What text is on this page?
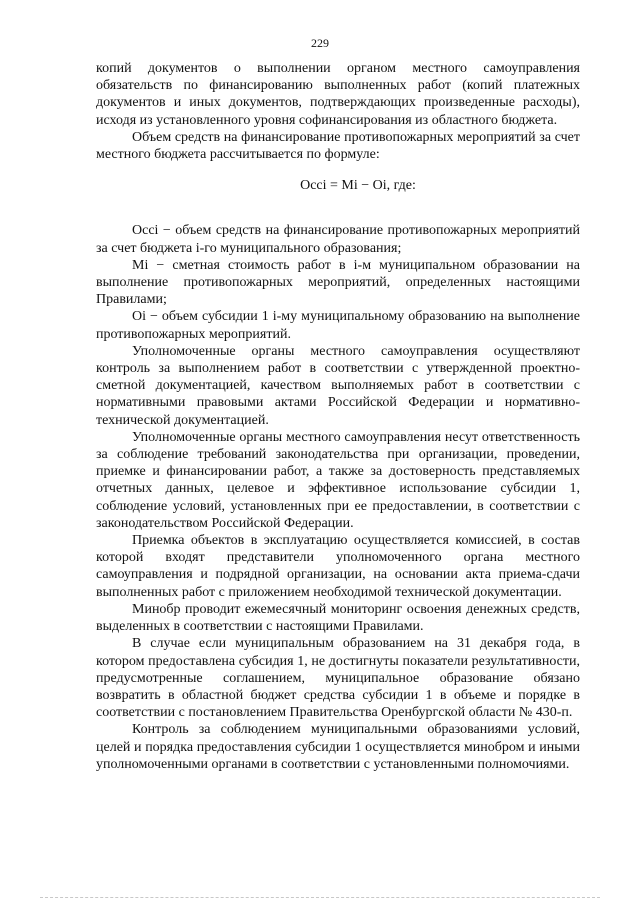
229

копий документов о выполнении органом местного самоуправления обязательств по финансированию выполненных работ (копий платежных документов и иных документов, подтверждающих произведенные расходы), исходя из установленного уровня софинансирования из областного бюджета.

Объем средств на финансирование противопожарных мероприятий за счет местного бюджета рассчитывается по формуле:

Occi = Mi − Oi, где:

Occi − объем средств на финансирование противопожарных мероприятий за счет бюджета i-го муниципального образования;

Mi − сметная стоимость работ в i-м муниципальном образовании на выполнение противопожарных мероприятий, определенных настоящими Правилами;

Oi − объем субсидии 1 i-му муниципальному образованию на выполнение противопожарных мероприятий.

Уполномоченные органы местного самоуправления осуществляют контроль за выполнением работ в соответствии с утвержденной проектно-сметной документацией, качеством выполняемых работ в соответствии с нормативными правовыми актами Российской Федерации и нормативно-технической документацией.

Уполномоченные органы местного самоуправления несут ответственность за соблюдение требований законодательства при организации, проведении, приемке и финансировании работ, а также за достоверность представляемых отчетных данных, целевое и эффективное использование субсидии 1, соблюдение условий, установленных при ее предоставлении, в соответствии с законодательством Российской Федерации.

Приемка объектов в эксплуатацию осуществляется комиссией, в состав которой входят представители уполномоченного органа местного самоуправления и подрядной организации, на основании акта приема-сдачи выполненных работ с приложением необходимой технической документации.

Минобр проводит ежемесячный мониторинг освоения денежных средств, выделенных в соответствии с настоящими Правилами.

В случае если муниципальным образованием на 31 декабря года, в котором предоставлена субсидия 1, не достигнуты показатели результативности, предусмотренные соглашением, муниципальное образование обязано возвратить в областной бюджет средства субсидии 1 в объеме и порядке в соответствии с постановлением Правительства Оренбургской области № 430-п.

Контроль за соблюдением муниципальными образованиями условий, целей и порядка предоставления субсидии 1 осуществляется минобром и иными уполномоченными органами в соответствии с установленными полномочиями.
